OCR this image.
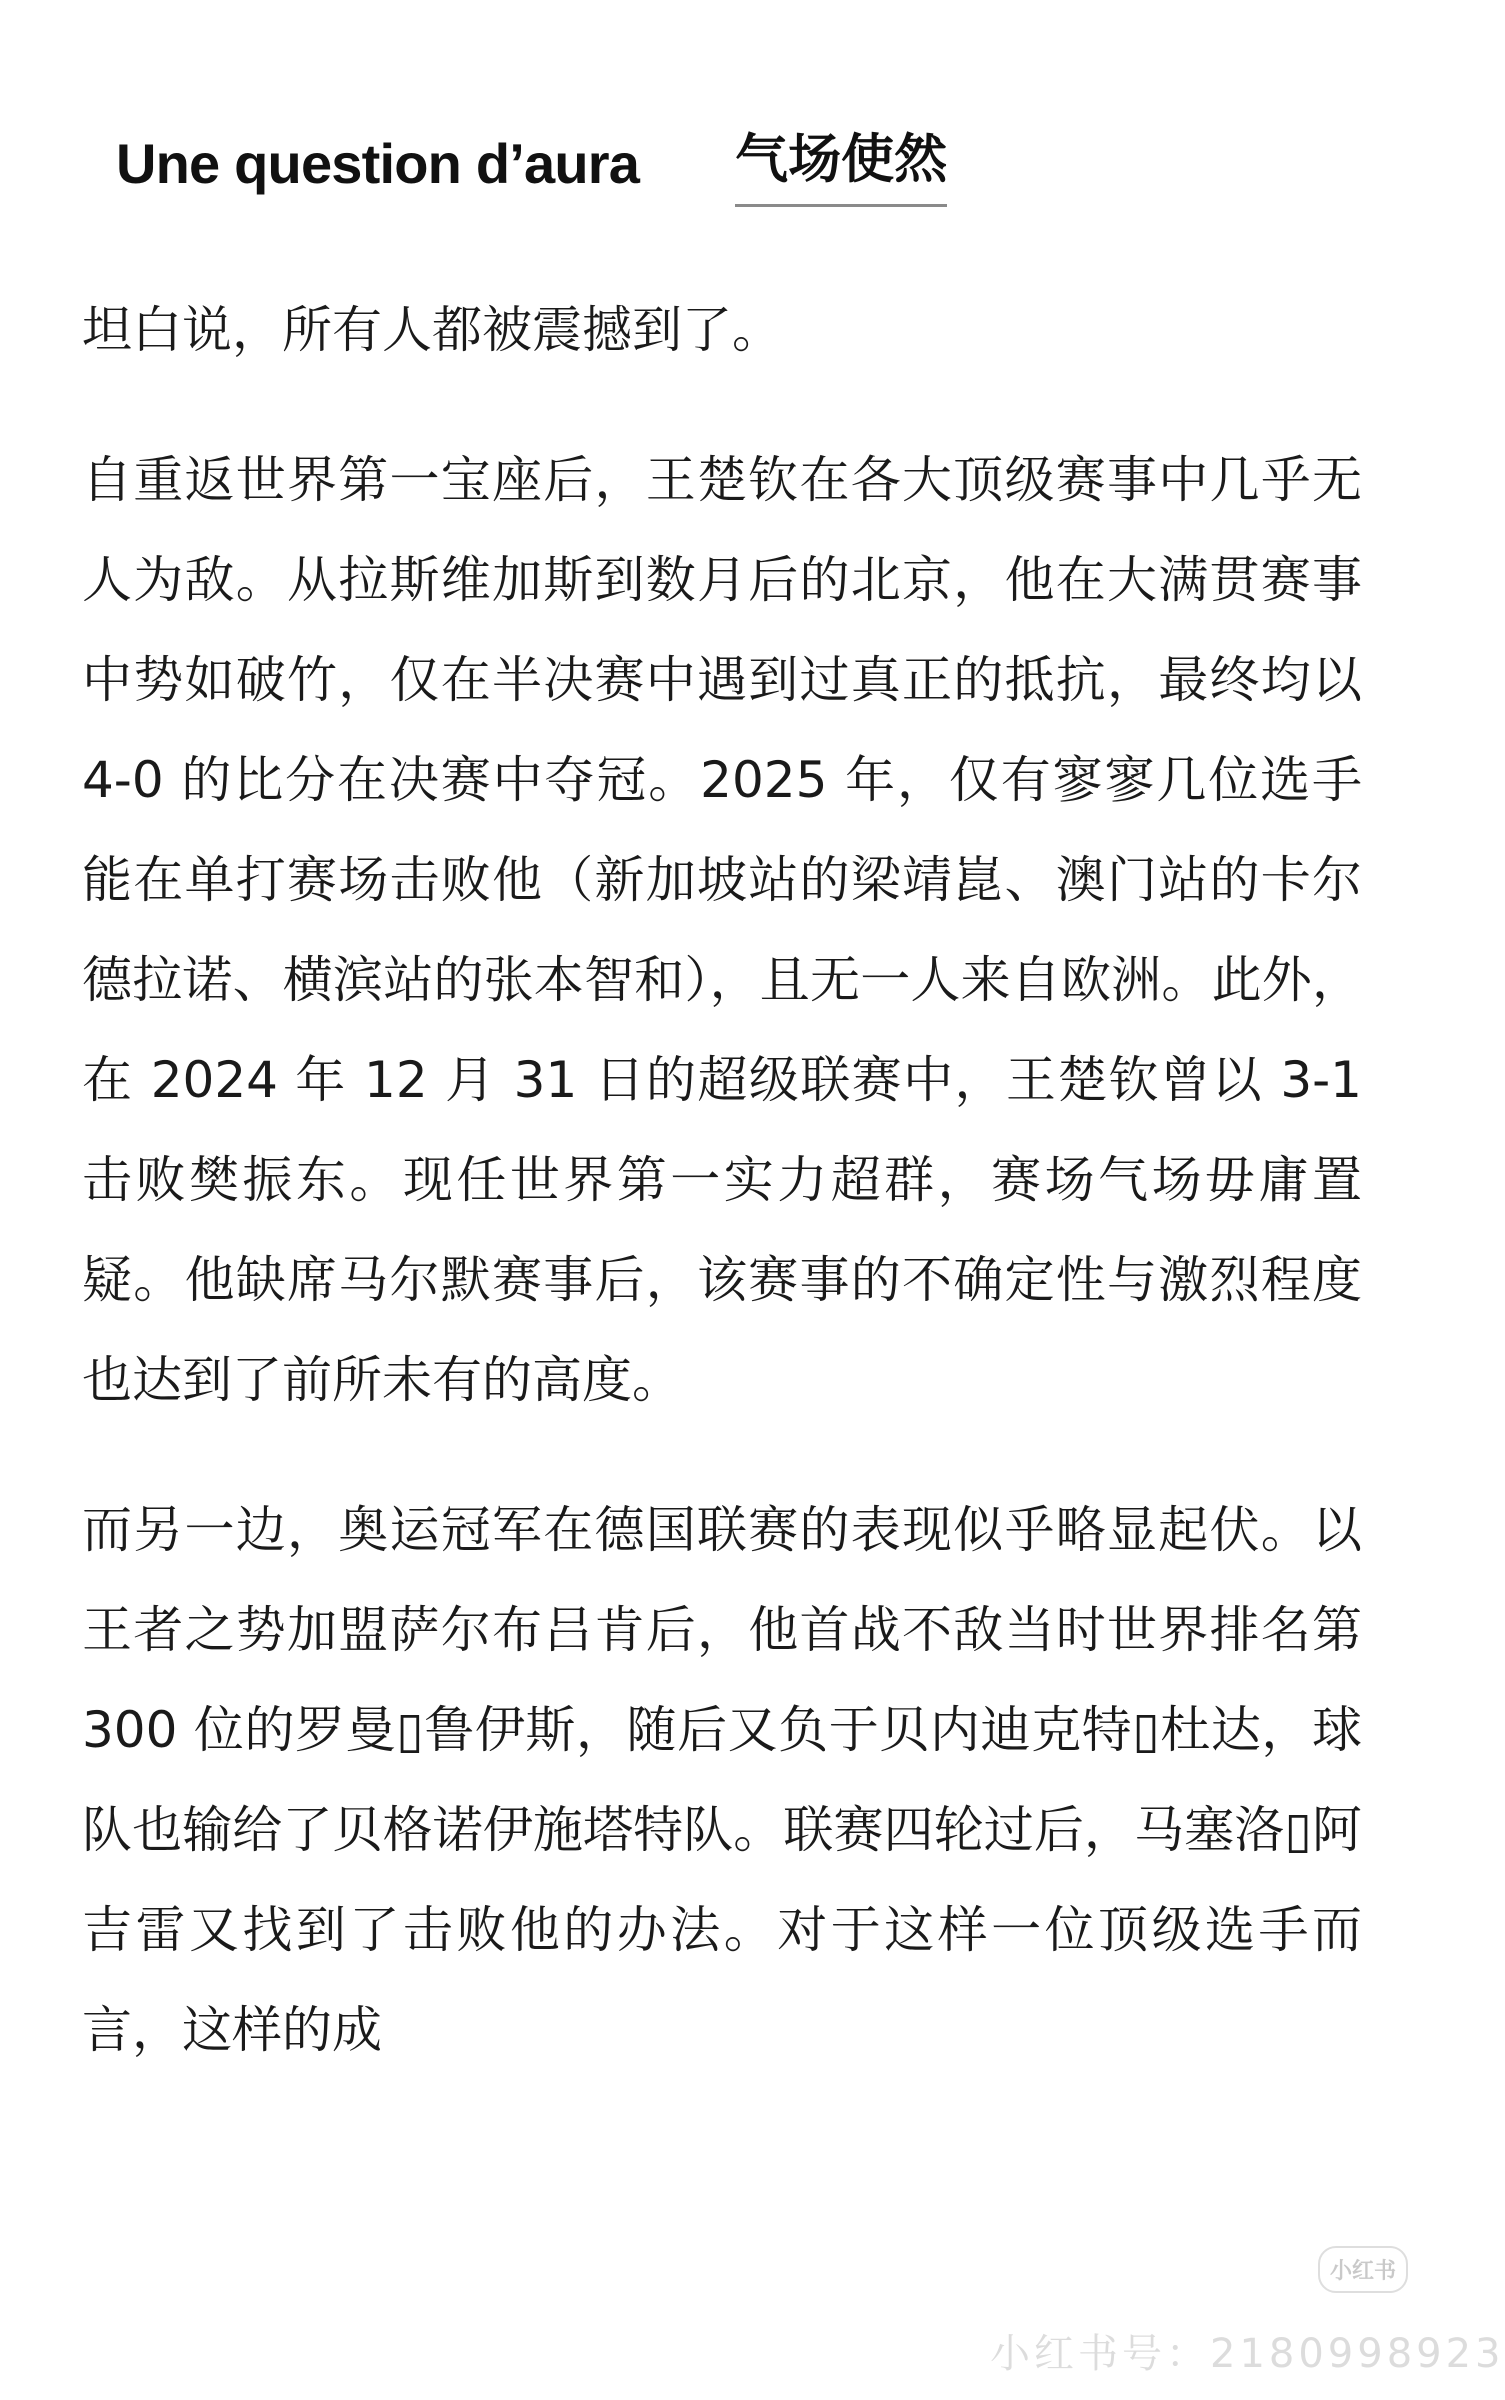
Une question d’aura 气场使然

坦白说，所有人都被震撼到了。

自重返世界第一宝座后，王楚钦在各大顶级赛事中几乎无人为敌。从拉斯维加斯到数月后的北京，他在大满贯赛事中势如破竹，仅在半决赛中遇到过真正的抵抗，最终均以 4-0 的比分在决赛中夺冠。2025 年，仅有寥寥几位选手能在单打赛场击败他（新加坡站的梁靖崑、澳门站的卡尔德拉诺、横滨站的张本智和），且无一人来自欧洲。此外，在 2024 年 12 月 31 日的超级联赛中，王楚钦曾以 3-1 击败樊振东。现任世界第一实力超群，赛场气场毋庸置疑。他缺席马尔默赛事后，该赛事的不确定性与激烈程度也达到了前所未有的高度。

而另一边，奥运冠军在德国联赛的表现似乎略显起伏。以王者之势加盟萨尔布吕肯后，他首战不敌当时世界排名第 300 位的罗曼▯鲁伊斯，随后又负于贝内迪克特▯杜达，球队也输给了贝格诺伊施塔特队。联赛四轮过后，马塞洛▯阿吉雷又找到了击败他的办法。对于这样一位顶级选手而言，这样的成

小红书
小红书号：2180998923
